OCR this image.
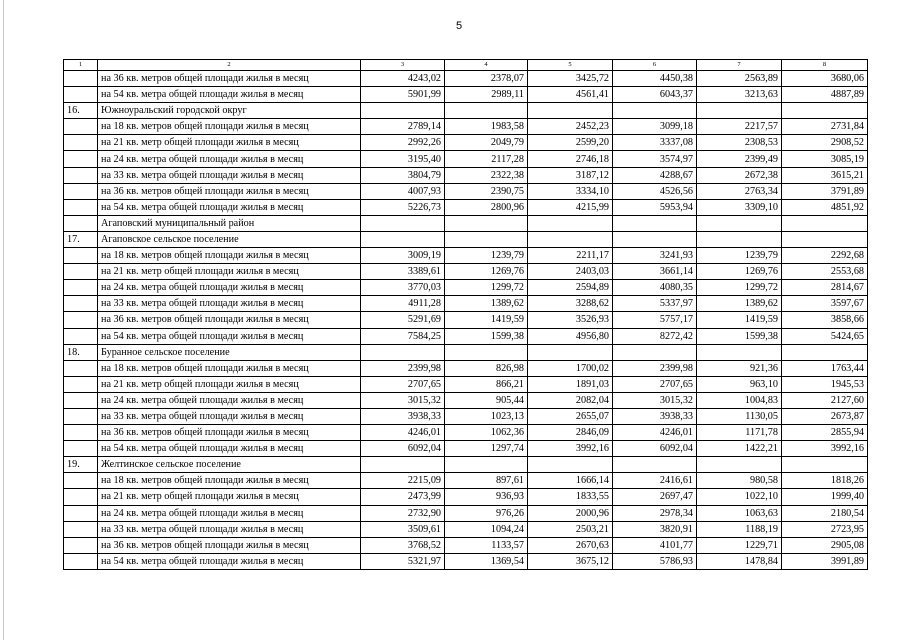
5
1	2	3	4	5	6	7	8
	на 36 кв. метров общей площади жилья в месяц	4243,02	2378,07	3425,72	4450,38	2563,89	3680,06
	на 54 кв. метра общей площади жилья в месяц	5901,99	2989,11	4561,41	6043,37	3213,63	4887,89
16.	Южноуральский городской округ						
	на 18 кв. метров общей площади жилья в месяц	2789,14	1983,58	2452,23	3099,18	2217,57	2731,84
	на 21 кв. метр общей площади жилья в месяц	2992,26	2049,79	2599,20	3337,08	2308,53	2908,52
	на 24 кв. метра общей площади жилья в месяц	3195,40	2117,28	2746,18	3574,97	2399,49	3085,19
	на 33 кв. метра общей площади жилья в месяц	3804,79	2322,38	3187,12	4288,67	2672,38	3615,21
	на 36 кв. метров общей площади жилья в месяц	4007,93	2390,75	3334,10	4526,56	2763,34	3791,89
	на 54 кв. метра общей площади жилья в месяц	5226,73	2800,96	4215,99	5953,94	3309,10	4851,92
	Агаповский муниципальный район						
17.	Агаповское сельское поселение						
	на 18 кв. метров общей площади жилья в месяц	3009,19	1239,79	2211,17	3241,93	1239,79	2292,68
	на 21 кв. метр общей площади жилья в месяц	3389,61	1269,76	2403,03	3661,14	1269,76	2553,68
	на 24 кв. метра общей площади жилья в месяц	3770,03	1299,72	2594,89	4080,35	1299,72	2814,67
	на 33 кв. метра общей площади жилья в месяц	4911,28	1389,62	3288,62	5337,97	1389,62	3597,67
	на 36 кв. метров общей площади жилья в месяц	5291,69	1419,59	3526,93	5757,17	1419,59	3858,66
	на 54 кв. метра общей площади жилья в месяц	7584,25	1599,38	4956,80	8272,42	1599,38	5424,65
18.	Буранное сельское поселение						
	на 18 кв. метров общей площади жилья в месяц	2399,98	826,98	1700,02	2399,98	921,36	1763,44
	на 21 кв. метр общей площади жилья в месяц	2707,65	866,21	1891,03	2707,65	963,10	1945,53
	на 24 кв. метра общей площади жилья в месяц	3015,32	905,44	2082,04	3015,32	1004,83	2127,60
	на 33 кв. метра общей площади жилья в месяц	3938,33	1023,13	2655,07	3938,33	1130,05	2673,87
	на 36 кв. метров общей площади жилья в месяц	4246,01	1062,36	2846,09	4246,01	1171,78	2855,94
	на 54 кв. метра общей площади жилья в месяц	6092,04	1297,74	3992,16	6092,04	1422,21	3992,16
19.	Желтинское сельское поселение						
	на 18 кв. метров общей площади жилья в месяц	2215,09	897,61	1666,14	2416,61	980,58	1818,26
	на 21 кв. метр общей площади жилья в месяц	2473,99	936,93	1833,55	2697,47	1022,10	1999,40
	на 24 кв. метра общей площади жилья в месяц	2732,90	976,26	2000,96	2978,34	1063,63	2180,54
	на 33 кв. метра общей площади жилья в месяц	3509,61	1094,24	2503,21	3820,91	1188,19	2723,95
	на 36 кв. метров общей площади жилья в месяц	3768,52	1133,57	2670,63	4101,77	1229,71	2905,08
	на 54 кв. метра общей площади жилья в месяц	5321,97	1369,54	3675,12	5786,93	1478,84	3991,89
